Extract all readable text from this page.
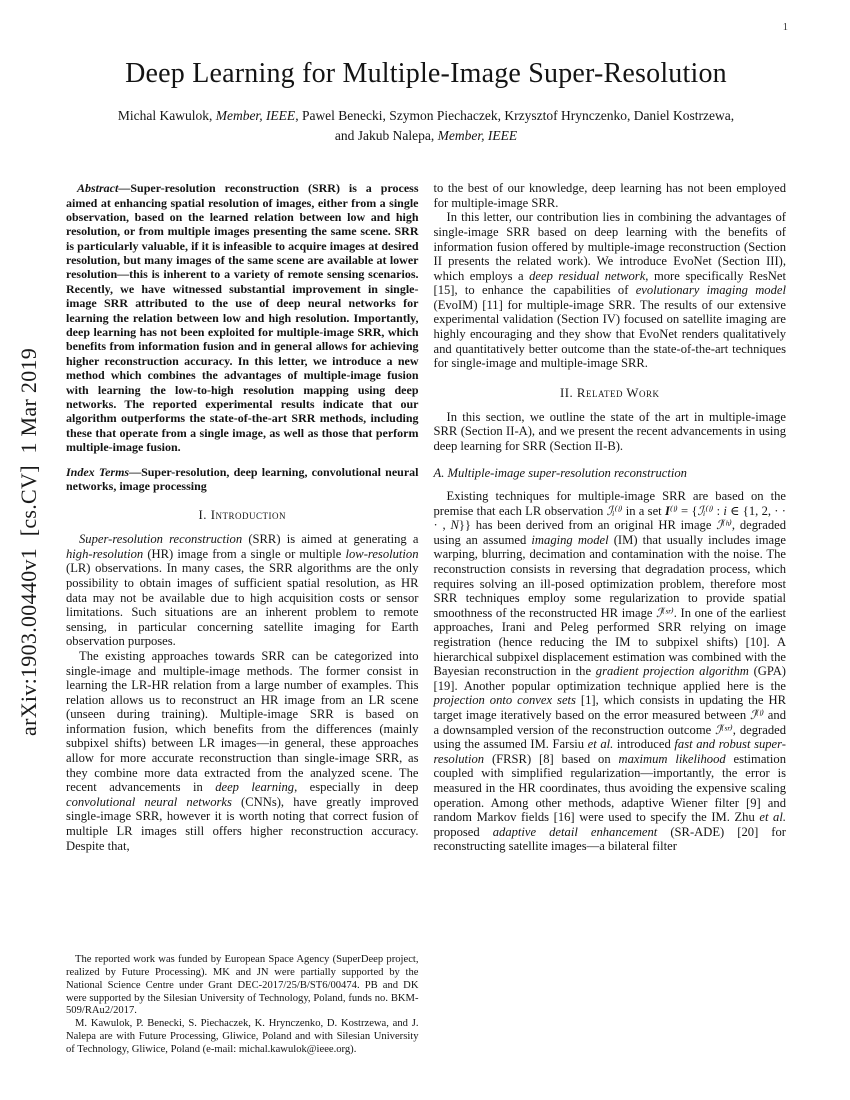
1
arXiv:1903.00440v1  [cs.CV]  1 Mar 2019
Deep Learning for Multiple-Image Super-Resolution
Michal Kawulok, Member, IEEE, Pawel Benecki, Szymon Piechaczek, Krzysztof Hrynczenko, Daniel Kostrzewa,
and Jakub Nalepa, Member, IEEE

Abstract—Super-resolution reconstruction (SRR) is a process aimed at enhancing spatial resolution of images, either from a single observation, based on the learned relation between low and high resolution, or from multiple images presenting the same scene. SRR is particularly valuable, if it is infeasible to acquire images at desired resolution, but many images of the same scene are available at lower resolution—this is inherent to a variety of remote sensing scenarios. Recently, we have witnessed substantial improvement in single-image SRR attributed to the use of deep neural networks for learning the relation between low and high resolution. Importantly, deep learning has not been exploited for multiple-image SRR, which benefits from information fusion and in general allows for achieving higher reconstruction accuracy. In this letter, we introduce a new method which combines the advantages of multiple-image fusion with learning the low-to-high resolution mapping using deep networks. The reported experimental results indicate that our algorithm outperforms the state-of-the-art SRR methods, including these that operate from a single image, as well as those that perform multiple-image fusion.

Index Terms—Super-resolution, deep learning, convolutional neural networks, image processing

I. Introduction

Super-resolution reconstruction (SRR) is aimed at generating a high-resolution (HR) image from a single or multiple low-resolution (LR) observations. In many cases, the SRR algorithms are the only possibility to obtain images of sufficient spatial resolution, as HR data may not be available due to high acquisition costs or sensor limitations. Such situations are an inherent problem to remote sensing, in particular concerning satellite imaging for Earth observation purposes.

The existing approaches towards SRR can be categorized into single-image and multiple-image methods. The former consist in learning the LR-HR relation from a large number of examples. This relation allows us to reconstruct an HR image from an LR scene (unseen during training). Multiple-image SRR is based on information fusion, which benefits from the differences (mainly subpixel shifts) between LR images—in general, these approaches allow for more accurate reconstruction than single-image SRR, as they combine more data extracted from the analyzed scene. The recent advancements in deep learning, especially in deep convolutional neural networks (CNNs), have greatly improved single-image SRR, however it is worth noting that correct fusion of multiple LR images still offers higher reconstruction accuracy. Despite that,

The reported work was funded by European Space Agency (SuperDeep project, realized by Future Processing). MK and JN were partially supported by the National Science Centre under Grant DEC-2017/25/B/ST6/00474. PB and DK were supported by the Silesian University of Technology, Poland, funds no. BKM-509/RAu2/2017.

M. Kawulok, P. Benecki, S. Piechaczek, K. Hrynczenko, D. Kostrzewa, and J. Nalepa are with Future Processing, Gliwice, Poland and with Silesian University of Technology, Gliwice, Poland (e-mail: michal.kawulok@ieee.org).

to the best of our knowledge, deep learning has not been employed for multiple-image SRR.

In this letter, our contribution lies in combining the advantages of single-image SRR based on deep learning with the benefits of information fusion offered by multiple-image reconstruction (Section II presents the related work). We introduce EvoNet (Section III), which employs a deep residual network, more specifically ResNet [15], to enhance the capabilities of evolutionary imaging model (EvoIM) [11] for multiple-image SRR. The results of our extensive experimental validation (Section IV) focused on satellite imaging are highly encouraging and they show that EvoNet renders qualitatively and quantitatively better outcome than the state-of-the-art techniques for single-image and multiple-image SRR.

II. Related Work

In this section, we outline the state of the art in multiple-image SRR (Section II-A), and we present the recent advancements in using deep learning for SRR (Section II-B).

A. Multiple-image super-resolution reconstruction

Existing techniques for multiple-image SRR are based on the premise that each LR observation ℐᵢ⁽ˡ⁾ in a set I⁽ˡ⁾ = {ℐᵢ⁽ˡ⁾ : i ∈ {1, 2, · · · , N}} has been derived from an original HR image ℐ⁽ʰ⁾, degraded using an assumed imaging model (IM) that usually includes image warping, blurring, decimation and contamination with the noise. The reconstruction consists in reversing that degradation process, which requires solving an ill-posed optimization problem, therefore most SRR techniques employ some regularization to provide spatial smoothness of the reconstructed HR image ℐ⁽ˢʳ⁾. In one of the earliest approaches, Irani and Peleg performed SRR relying on image registration (hence reducing the IM to subpixel shifts) [10]. A hierarchical subpixel displacement estimation was combined with the Bayesian reconstruction in the gradient projection algorithm (GPA) [19]. Another popular optimization technique applied here is the projection onto convex sets [1], which consists in updating the HR target image iteratively based on the error measured between ℐ⁽ˡ⁾ and a downsampled version of the reconstruction outcome ℐ⁽ˢʳ⁾, degraded using the assumed IM. Farsiu et al. introduced fast and robust super-resolution (FRSR) [8] based on maximum likelihood estimation coupled with simplified regularization—importantly, the error is measured in the HR coordinates, thus avoiding the expensive scaling operation. Among other methods, adaptive Wiener filter [9] and random Markov fields [16] were used to specify the IM. Zhu et al. proposed adaptive detail enhancement (SR-ADE) [20] for reconstructing satellite images—a bilateral filter
